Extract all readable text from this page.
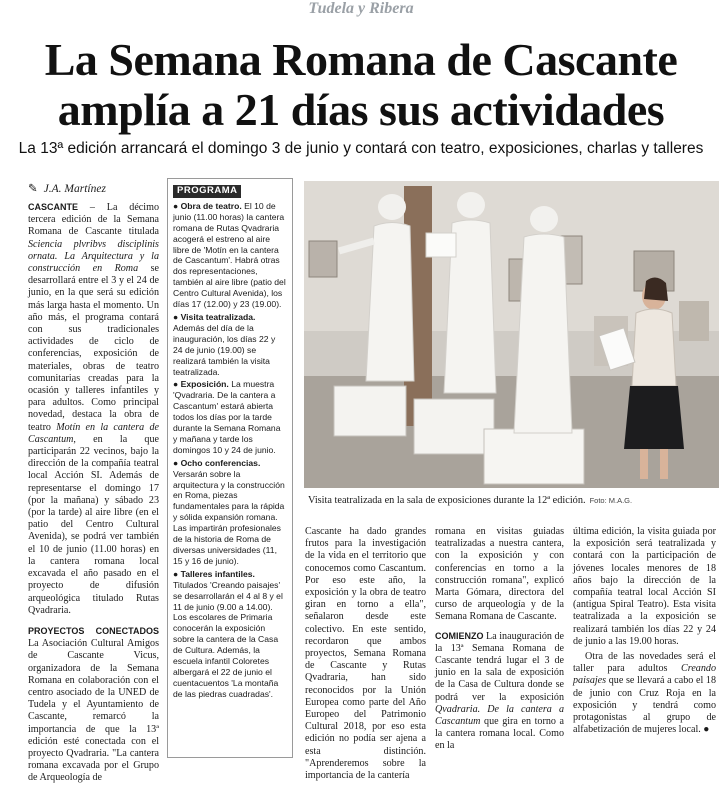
Tudela y Ribera
La Semana Romana de Cascante
amplía a 21 días sus actividades
La 13ª edición arrancará el domingo 3 de junio y contará con teatro, exposiciones, charlas y talleres
✎ J.A. Martínez

CASCANTE – La décimo tercera edición de la Semana Romana de Cascante titulada Sciencia plvribvs disciplinis ornata. La Arquitectura y la construcción en Roma se desarrollará entre el 3 y el 24 de junio, en la que será su edición más larga hasta el momento. Un año más, el programa contará con sus tradicionales actividades de ciclo de conferencias, exposición de materiales, obras de teatro comunitarias creadas para la ocasión y talleres infantiles y para adultos. Como principal novedad, destaca la obra de teatro Motín en la cantera de Cascantum, en la que participarán 22 vecinos, bajo la dirección de la compañía teatral local Acción SI. Además de representarse el domingo 17 (por la mañana) y sábado 23 (por la tarde) al aire libre (en el patio del Centro Cultural Avenida), se podrá ver también el 10 de junio (11.00 horas) en la cantera romana local excavada el año pasado en el proyecto de difusión arqueológica titulado Rutas Qvadraria.

PROYECTOS CONECTADOS La Asociación Cultural Amigos de Cascante Vicus, organizadora de la Semana Romana en colaboración con el centro asociado de la UNED de Tudela y el Ayuntamiento de Cascante, remarcó la importancia de que la 13ª edición esté conectada con el proyecto Qvadraria. "La cantera romana excavada por el Grupo de Arqueología de

PROGRAMA

● Obra de teatro. El 10 de junio (11.00 horas) la cantera romana de Rutas Qvadraria acogerá el estreno al aire libre de 'Motín en la cantera de Cascantum'. Habrá otras dos representaciones, también al aire libre (patio del Centro Cultural Avenida), los días 17 (12.00) y 23 (19.00).

● Visita teatralizada. Además del día de la inauguración, los días 22 y 24 de junio (19.00) se realizará también la visita teatralizada.

● Exposición. La muestra 'Qvadraria. De la cantera a Cascantum' estará abierta todos los días por la tarde durante la Semana Romana y mañana y tarde los domingos 10 y 24 de junio.

● Ocho conferencias. Versarán sobre la arquitectura y la construcción en Roma, piezas fundamentales para la rápida y sólida expansión romana. Las impartirán profesionales de la historia de Roma de diversas universidades (11, 15 y 16 de junio).

● Talleres infantiles. Titulados 'Creando paisajes' se desarrollarán el 4 al 8 y el 11 de junio (9.00 a 14.00). Los escolares de Primaria conocerán la exposición sobre la cantera de la Casa de Cultura. Además, la escuela infantil Coloretes albergará el 22 de junio el cuentacuentos 'La montaña de las piedras cuadradas'.

Visita teatralizada en la sala de exposiciones durante la 12ª edición. Foto: M.A.G.

Cascante ha dado grandes frutos para la investigación de la vida en el territorio que conocemos como Cascantum. Por eso este año, la exposición y la obra de teatro giran en torno a ella", señalaron desde este colectivo. En este sentido, recordaron que ambos proyectos, Semana Romana de Cascante y Rutas Qvadraria, han sido reconocidos por la Unión Europea como parte del Año Europeo del Patrimonio Cultural 2018, por eso esta edición no podía ser ajena a esta distinción. "Aprenderemos sobre la importancia de la cantería

romana en visitas guiadas teatralizadas a nuestra cantera, con la exposición y con conferencias en torno a la construcción romana", explicó Marta Gómara, directora del curso de arqueología y de la Semana Romana de Cascante.

COMIENZO La inauguración de la 13ª Semana Romana de Cascante tendrá lugar el 3 de junio en la sala de exposición de la Casa de Cultura donde se podrá ver la exposición Qvadraria. De la cantera a Cascantum que gira en torno a la cantera romana local. Como en la

última edición, la visita guiada por la exposición será teatralizada y contará con la participación de jóvenes locales menores de 18 años bajo la dirección de la compañía teatral local Acción SI (antigua Spiral Teatro). Esta visita teatralizada a la exposición se realizará también los días 22 y 24 de junio a las 19.00 horas.

Otra de las novedades será el taller para adultos Creando paisajes que se llevará a cabo el 18 de junio con Cruz Roja en la exposición y tendrá como protagonistas al grupo de alfabetización de mujeres local. ●
